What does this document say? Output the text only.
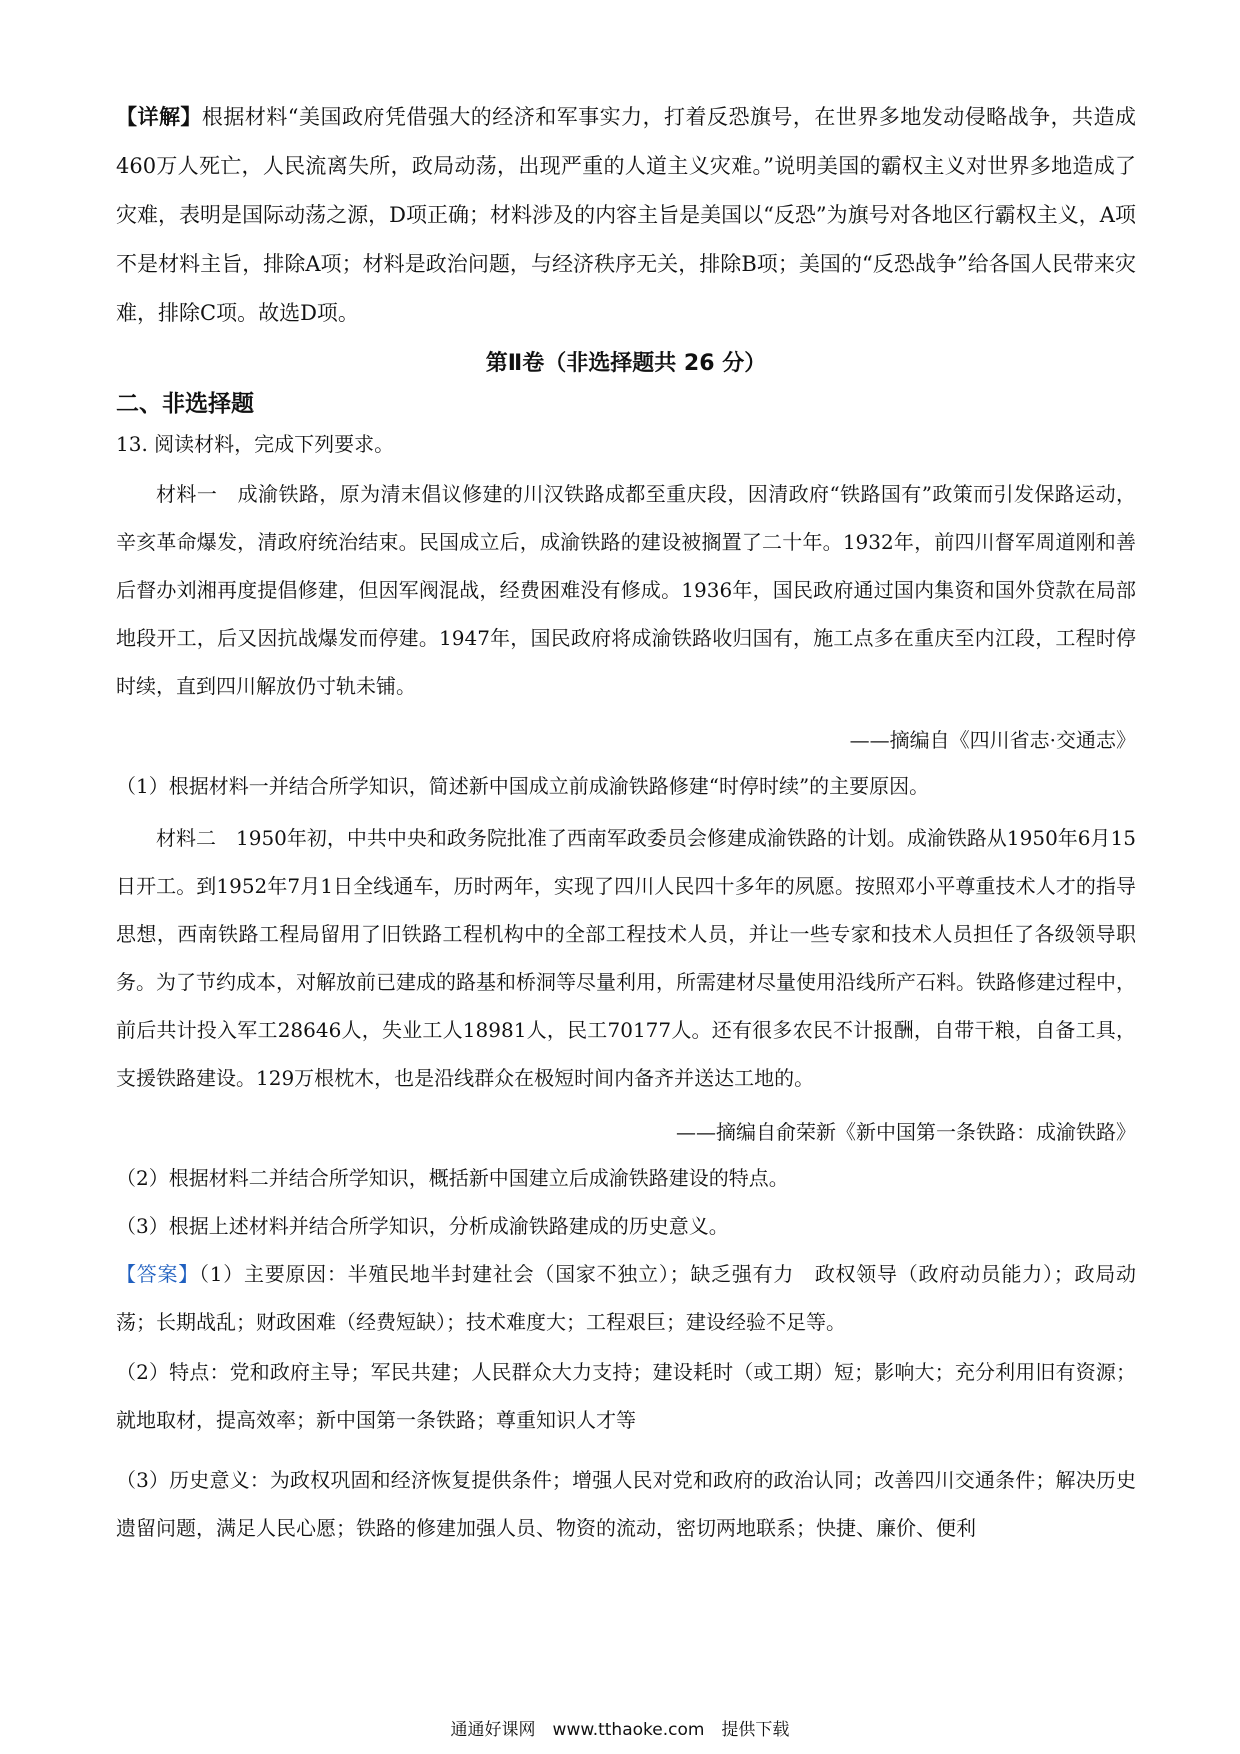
【详解】根据材料“美国政府凭借强大的经济和军事实力，打着反恐旗号，在世界多地发动侵略战争，共造成460万人死亡，人民流离失所，政局动荡，出现严重的人道主义灾难。”说明美国的霸权主义对世界多地造成了灾难，表明是国际动荡之源，D项正确；材料涉及的内容主旨是美国以“反恐”为旗号对各地区行霸权主义，A项不是材料主旨，排除A项；材料是政治问题，与经济秩序无关，排除B项；美国的“反恐战争”给各国人民带来灾难，排除C项。故选D项。

第Ⅱ卷（非选择题共 26 分）
二、非选择题

13. 阅读材料，完成下列要求。

材料一　成渝铁路，原为清末倡议修建的川汉铁路成都至重庆段，因清政府“铁路国有”政策而引发保路运动，辛亥革命爆发，清政府统治结束。民国成立后，成渝铁路的建设被搁置了二十年。1932年，前四川督军周道刚和善后督办刘湘再度提倡修建，但因军阀混战，经费困难没有修成。1936年，国民政府通过国内集资和国外贷款在局部地段开工，后又因抗战爆发而停建。1947年，国民政府将成渝铁路收归国有，施工点多在重庆至内江段，工程时停时续，直到四川解放仍寸轨未铺。

——摘编自《四川省志·交通志》

（1）根据材料一并结合所学知识，简述新中国成立前成渝铁路修建“时停时续”的主要原因。

材料二　1950年初，中共中央和政务院批准了西南军政委员会修建成渝铁路的计划。成渝铁路从1950年6月15日开工。到1952年7月1日全线通车，历时两年，实现了四川人民四十多年的夙愿。按照邓小平尊重技术人才的指导思想，西南铁路工程局留用了旧铁路工程机构中的全部工程技术人员，并让一些专家和技术人员担任了各级领导职务。为了节约成本，对解放前已建成的路基和桥洞等尽量利用，所需建材尽量使用沿线所产石料。铁路修建过程中，前后共计投入军工28646人，失业工人18981人，民工70177人。还有很多农民不计报酬，自带干粮，自备工具，支援铁路建设。129万根枕木，也是沿线群众在极短时间内备齐并送达工地的。

——摘编自俞荣新《新中国第一条铁路：成渝铁路》

（2）根据材料二并结合所学知识，概括新中国建立后成渝铁路建设的特点。

（3）根据上述材料并结合所学知识，分析成渝铁路建成的历史意义。

【答案】（1）主要原因：半殖民地半封建社会（国家不独立）；缺乏强有力　政权领导（政府动员能力）；政局动荡；长期战乱；财政困难（经费短缺）；技术难度大；工程艰巨；建设经验不足等。

（2）特点：党和政府主导；军民共建；人民群众大力支持；建设耗时（或工期）短；影响大；充分利用旧有资源；就地取材，提高效率；新中国第一条铁路；尊重知识人才等

（3）历史意义：为政权巩固和经济恢复提供条件；增强人民对党和政府的政治认同；改善四川交通条件；解决历史遗留问题，满足人民心愿；铁路的修建加强人员、物资的流动，密切两地联系；快捷、廉价、便利

通通好课网　www.tthaoke.com　提供下载
